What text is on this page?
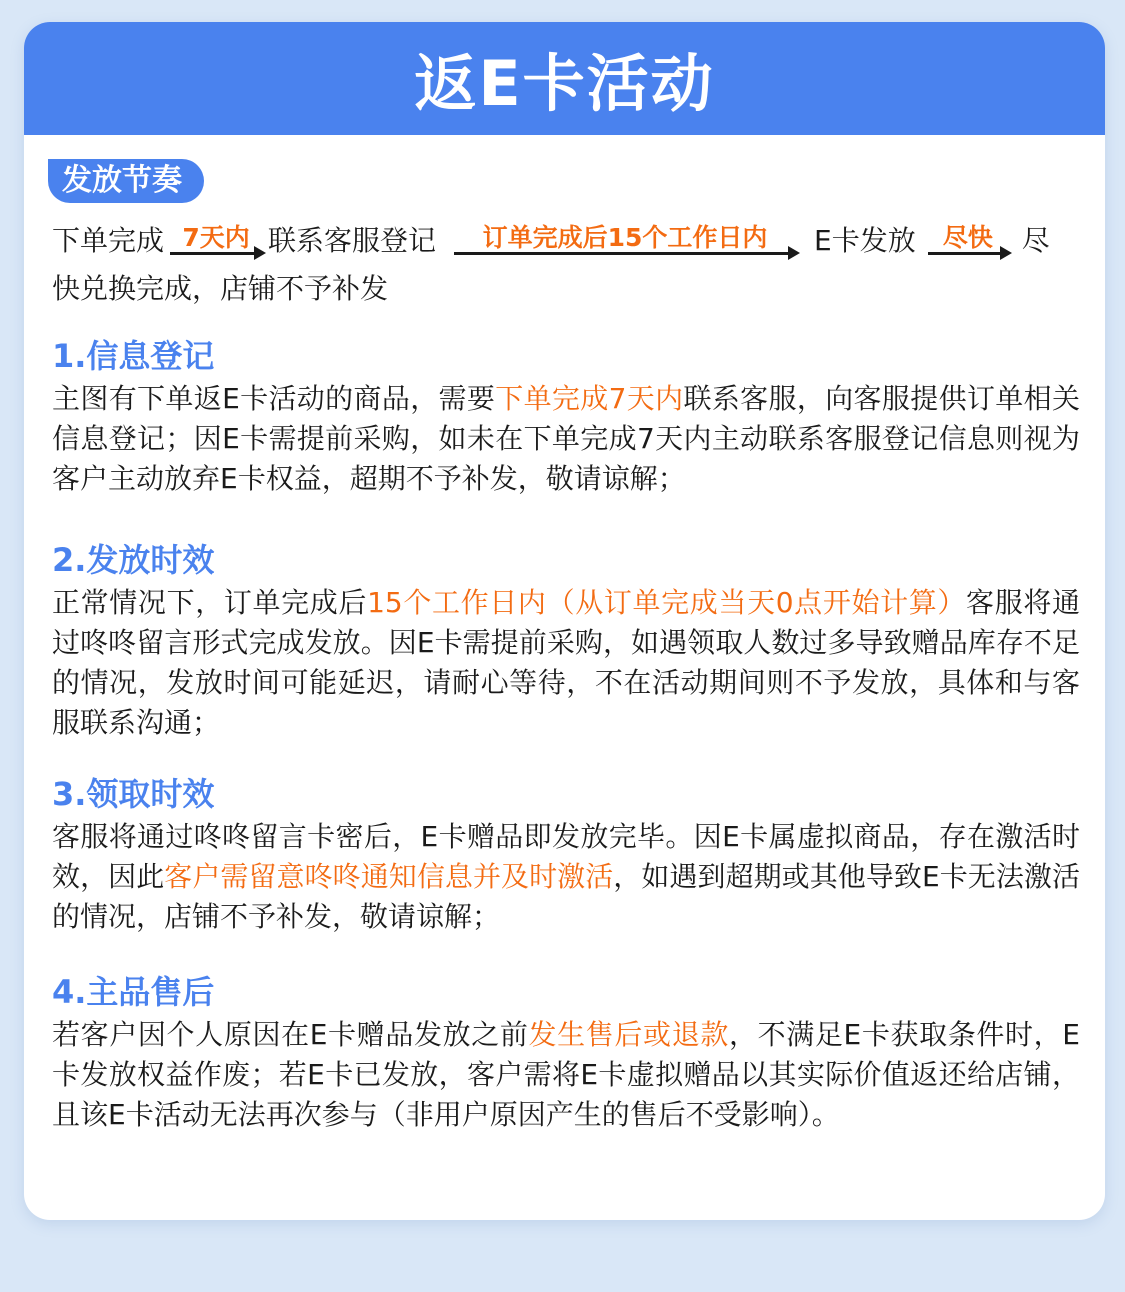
返E卡活动
发放节奏
下单完成 7天内 联系客服登记 订单完成后15个工作日内 E卡发放 尽快 尽
快兑换完成，店铺不予补发
1.信息登记
主图有下单返E卡活动的商品，需要下单完成7天内联系客服，向客服提供订单相关信息登记；因E卡需提前采购，如未在下单完成7天内主动联系客服登记信息则视为客户主动放弃E卡权益，超期不予补发，敬请谅解；
2.发放时效
正常情况下，订单完成后15个工作日内（从订单完成当天0点开始计算）客服将通过咚咚留言形式完成发放。因E卡需提前采购，如遇领取人数过多导致赠品库存不足的情况，发放时间可能延迟，请耐心等待，不在活动期间则不予发放，具体和与客服联系沟通；
3.领取时效
客服将通过咚咚留言卡密后，E卡赠品即发放完毕。因E卡属虚拟商品，存在激活时效，因此客户需留意咚咚通知信息并及时激活，如遇到超期或其他导致E卡无法激活的情况，店铺不予补发，敬请谅解；
4.主品售后
若客户因个人原因在E卡赠品发放之前发生售后或退款，不满足E卡获取条件时，E卡发放权益作废；若E卡已发放，客户需将E卡虚拟赠品以其实际价值返还给店铺，且该E卡活动无法再次参与（非用户原因产生的售后不受影响）。
